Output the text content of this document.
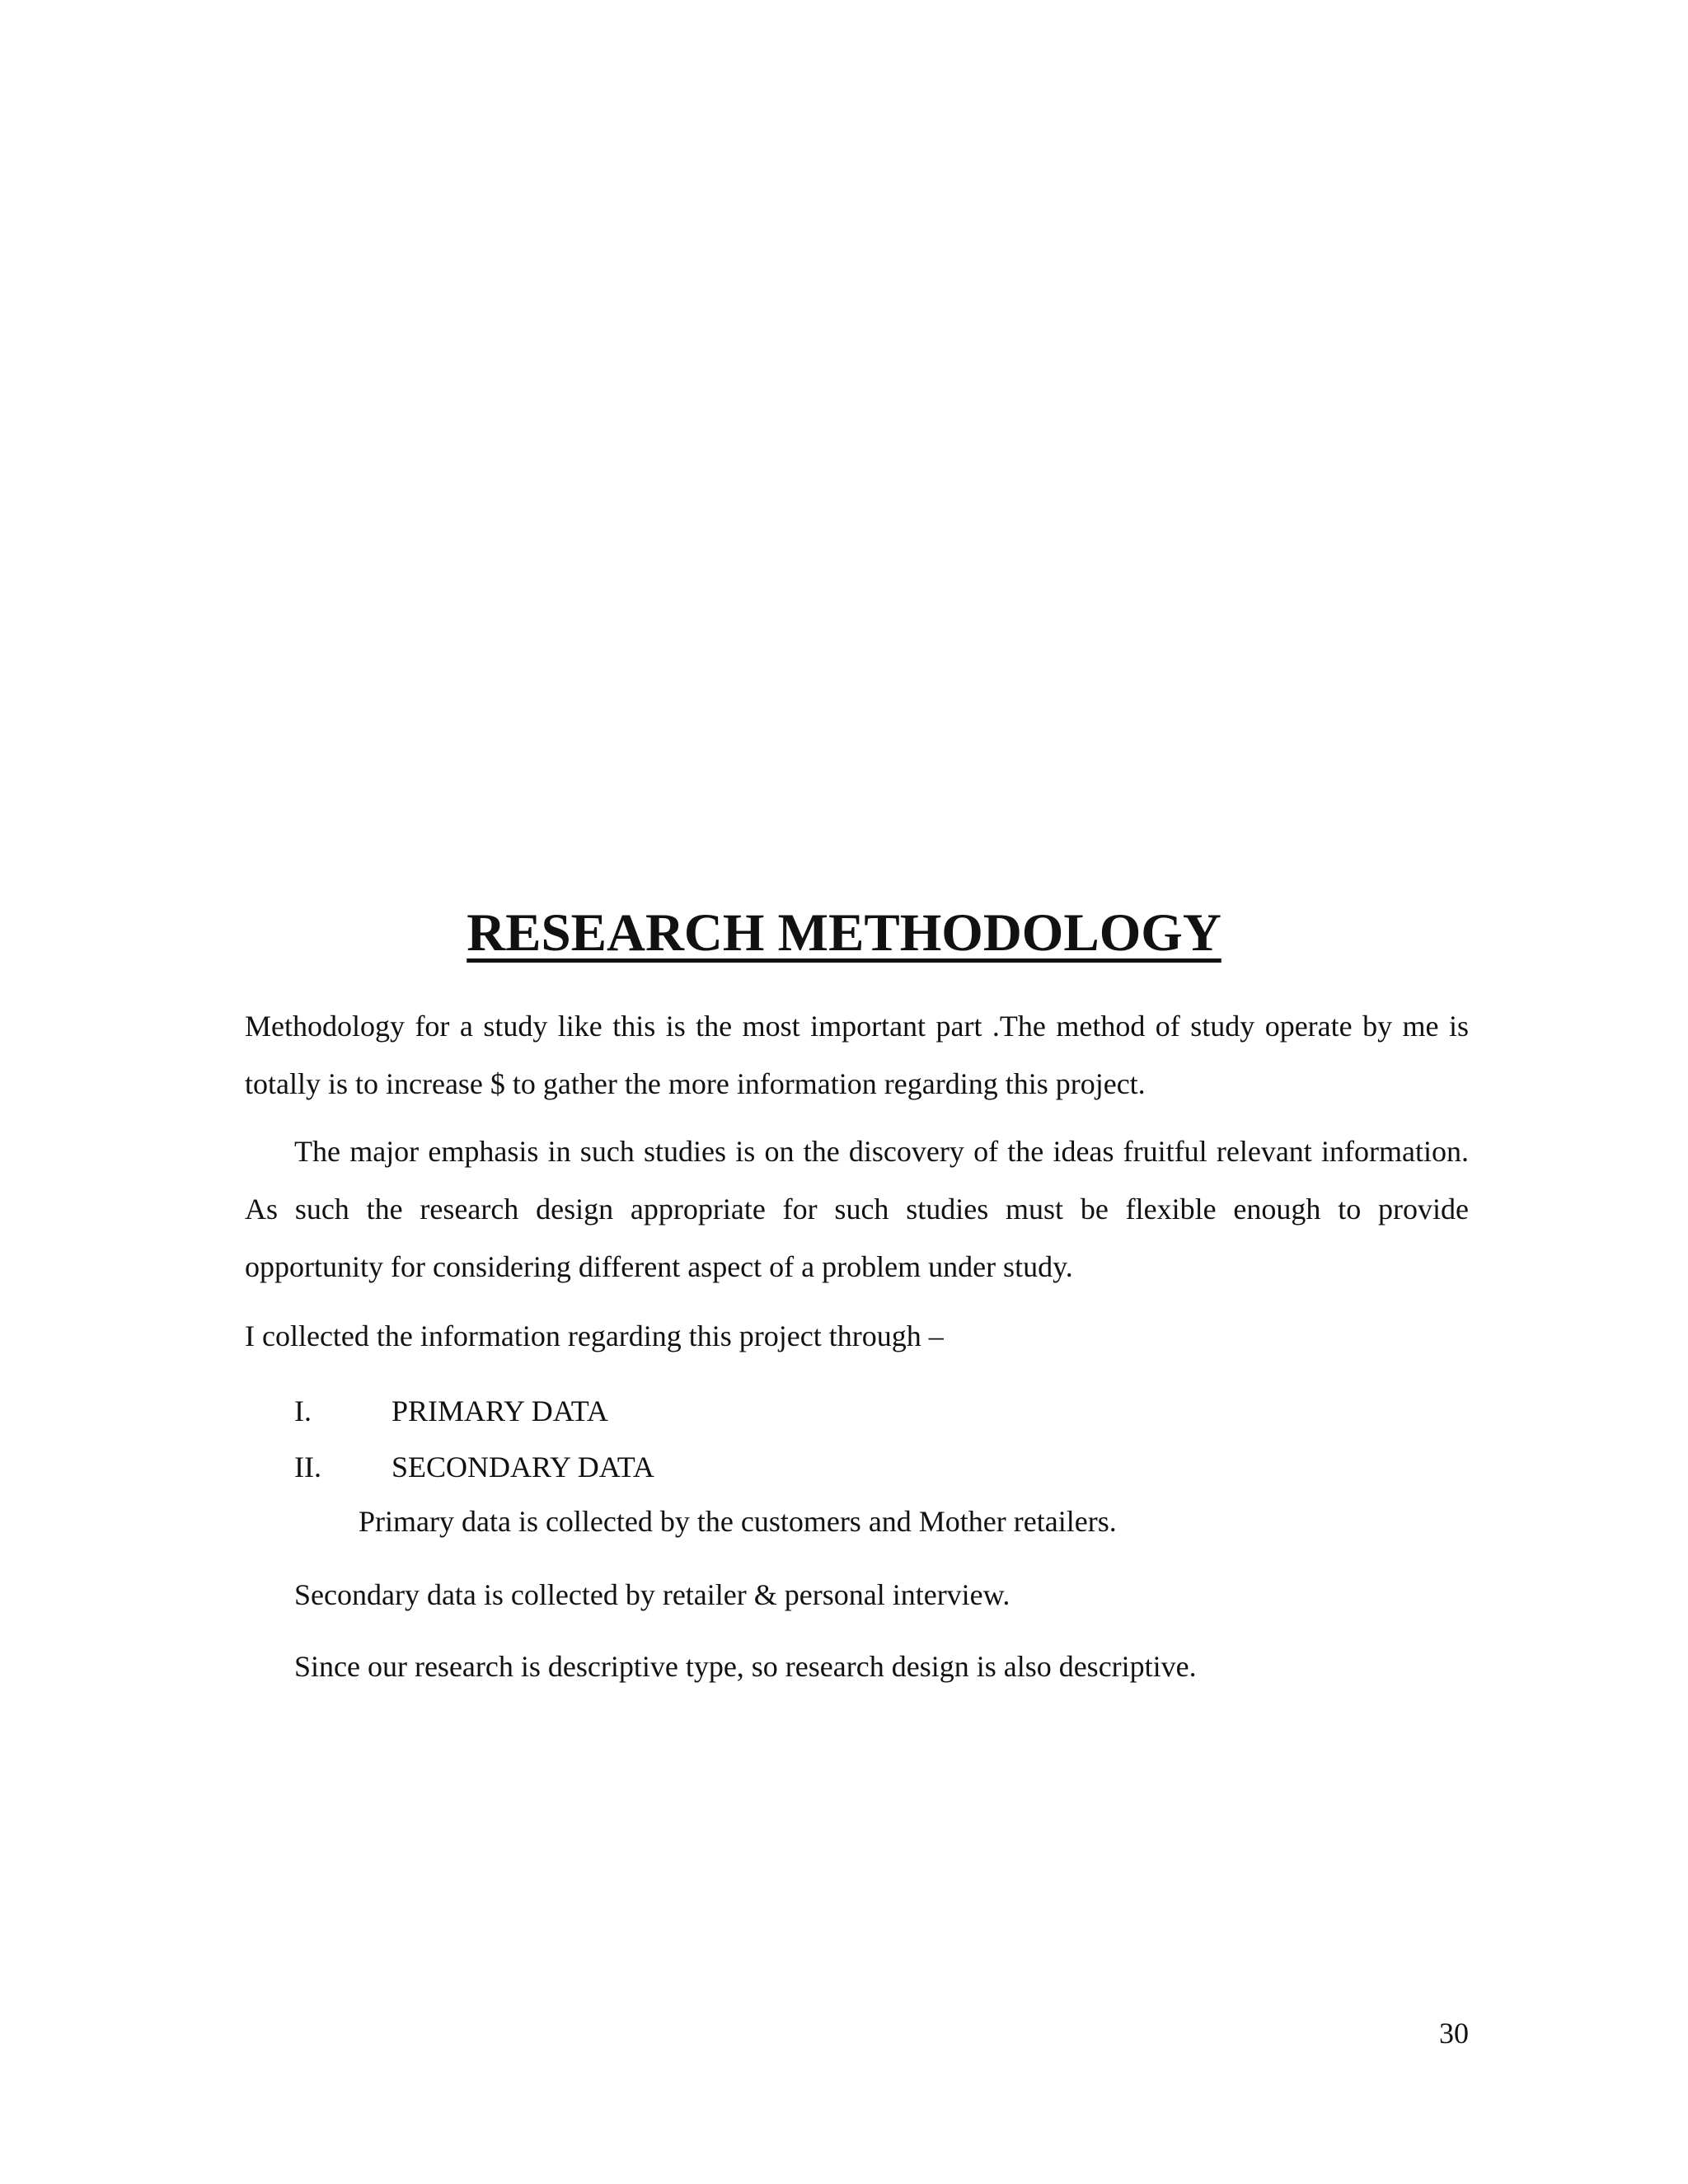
RESEARCH METHODOLOGY

Methodology for a study like this is the most important part .The method of study operate by me is totally is to increase $ to gather the more information regarding this project.

The major emphasis in such studies is on the discovery of the ideas fruitful relevant information. As such the research design appropriate for such studies must be flexible enough to provide opportunity for considering different aspect of a problem under study.

I collected the information regarding this project through –

I.	PRIMARY DATA
II. SECONDARY DATA
Primary data is collected by the customers and Mother retailers.
Secondary data is collected by retailer & personal interview.
Since our research is descriptive type, so research design is also descriptive.
30
